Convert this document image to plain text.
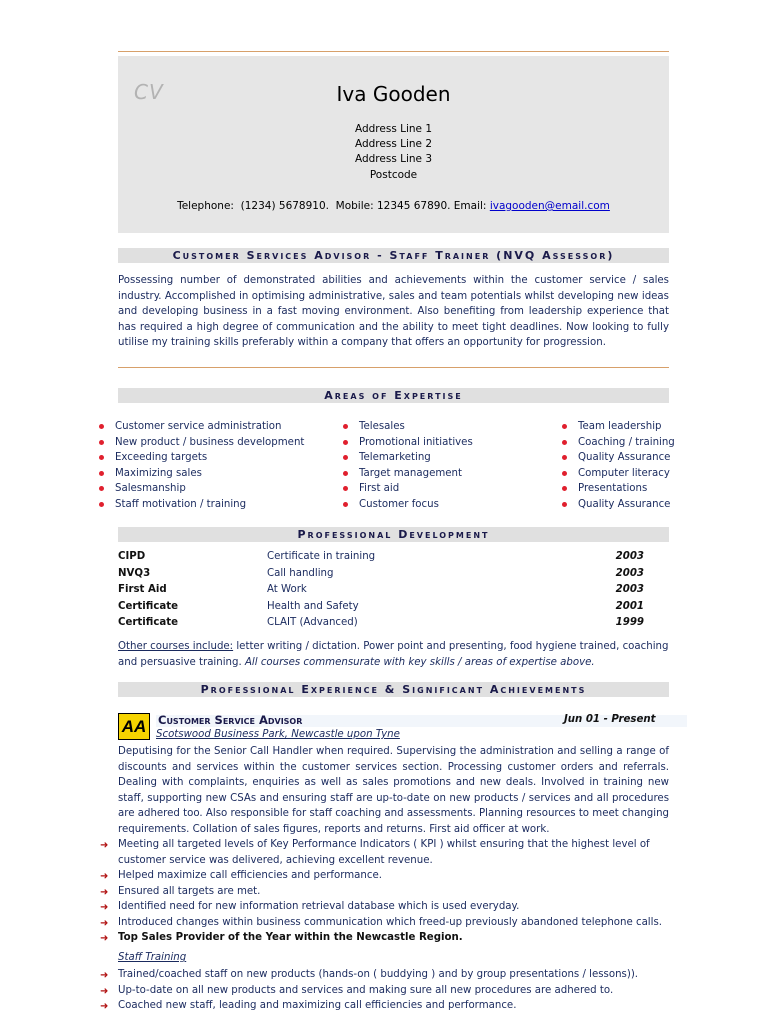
CV	Iva Gooden
Address Line 1
Address Line 2
Address Line 3
Postcode
Telephone:  (1234) 5678910.  Mobile: 12345 67890. Email: ivagooden@email.com
Customer Services Advisor - Staff Trainer (NVQ Assessor)
Possessing number of demonstrated abilities and achievements within the customer service / sales industry. Accomplished in optimising administrative, sales and team potentials whilst developing new ideas and developing business in a fast moving environment. Also benefiting from leadership experience that has required a high degree of communication and the ability to meet tight deadlines. Now looking to fully utilise my training skills preferably within a company that offers an opportunity for progression.
Areas of Expertise
Customer service administration
New product / business development
Exceeding targets
Maximizing sales
Salesmanship
Staff motivation / training
Telesales
Promotional initiatives
Telemarketing
Target management
First aid
Customer focus
Team leadership
Coaching / training
Quality Assurance
Computer literacy
Presentations
Quality Assurance
Professional Development
CIPD	Certificate in training	2003
NVQ3	Call handling	2003
First Aid	At Work	2003
Certificate	Health and Safety	2001
Certificate	CLAIT (Advanced)	1999
Other courses include: letter writing / dictation. Power point and presenting, food hygiene trained, coaching and persuasive training. All courses commensurate with key skills / areas of expertise above.
Professional Experience & Significant Achievements
AA	Customer Service Advisor	Jun 01 - Present
Scotswood Business Park, Newcastle upon Tyne
Deputising for the Senior Call Handler when required. Supervising the administration and selling a range of discounts and services within the customer services section. Processing customer orders and referrals. Dealing with complaints, enquiries as well as sales promotions and new deals. Involved in training new staff, supporting new CSAs and ensuring staff are up-to-date on new products / services and all procedures are adhered too. Also responsible for staff coaching and assessments. Planning resources to meet changing requirements. Collation of sales figures, reports and returns. First aid officer at work.
➜ Meeting all targeted levels of Key Performance Indicators ( KPI ) whilst ensuring that the highest level of customer service was delivered, achieving excellent revenue.
➜ Helped maximize call efficiencies and performance.
➜ Ensured all targets are met.
➜ Identified need for new information retrieval database which is used everyday.
➜ Introduced changes within business communication which freed-up previously abandoned telephone calls.
➜ Top Sales Provider of the Year within the Newcastle Region.
Staff Training
➜ Trained/coached staff on new products (hands-on ( buddying ) and by group presentations / lessons)).
➜ Up-to-date on all new products and services and making sure all new procedures are adhered to.
➜ Coached new staff, leading and maximizing call efficiencies and performance.
